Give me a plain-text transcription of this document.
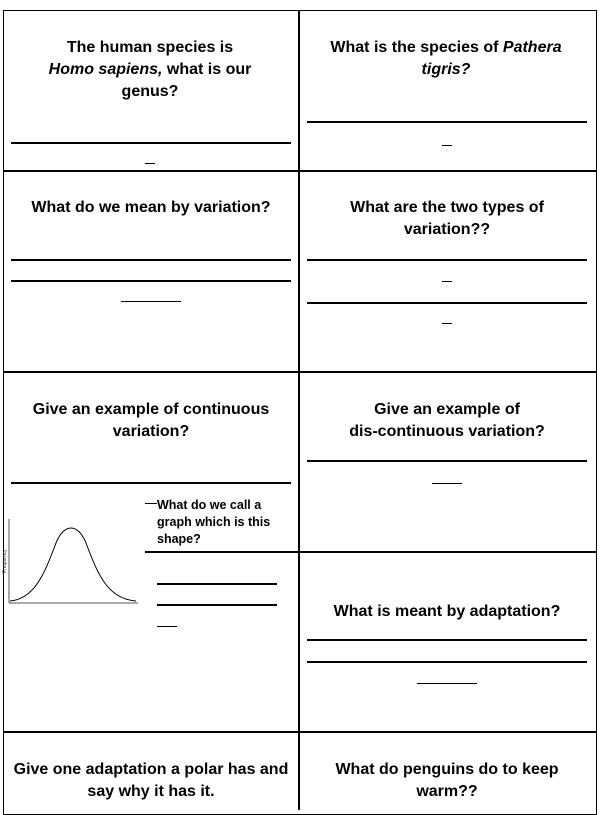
The human species is
Homo sapiens, what is our
genus?
What is the species of Pathera
tigris?
What do we mean by variation?	What are the two types of variation??
Give an example of continuous variation?
Give an example of
dis-continuous variation?
What do we call a graph which is this shape?
Frequency
What is meant by adaptation?
Give one adaptation a polar has and say why it has it.
What do penguins do to keep warm??
